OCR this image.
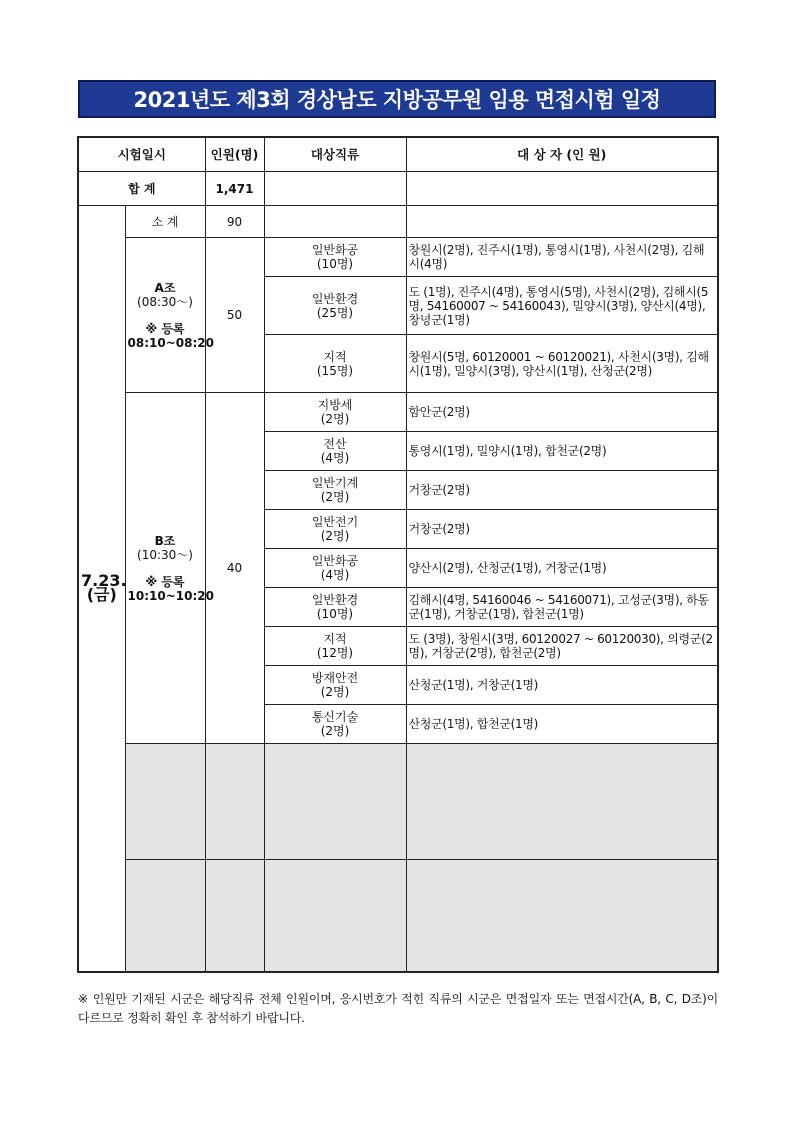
2021년도 제3회 경상남도 지방공무원 임용 면접시험 일정
시험일시		인원(명)	대상직류	대 상 자 (인 원)
합 계		1,471		
7.23.
(금)	소 계	90		
	A조
(08:30～)
※ 등록
08:10~08:20	50	일반화공
(10명)	창원시(2명), 진주시(1명), 통영시(1명), 사천시(2명), 김해시(4명)
			일반환경
(25명)	도 (1명), 진주시(4명), 통영시(5명), 사천시(2명), 김해시(5명, 54160007 ~ 54160043), 밀양시(3명), 양산시(4명), 창녕군(1명)
			지적
(15명)	창원시(5명, 60120001 ~ 60120021), 사천시(3명), 김해시(1명), 밀양시(3명), 양산시(1명), 산청군(2명)
	B조
(10:30～)
※ 등록
10:10~10:20	40	지방세
(2명)	함안군(2명)
			전산
(4명)	통영시(1명), 밀양시(1명), 합천군(2명)
			일반기계
(2명)	거창군(2명)
			일반전기
(2명)	거창군(2명)
			일반화공
(4명)	양산시(2명), 산청군(1명), 거창군(1명)
			일반환경
(10명)	김해시(4명, 54160046 ~ 54160071), 고성군(3명), 하동군(1명), 거창군(1명), 합천군(1명)
			지적
(12명)	도 (3명), 창원시(3명, 60120027 ~ 60120030), 의령군(2명), 거창군(2명), 합천군(2명)
			방재안전
(2명)	산청군(1명), 거창군(1명)
			통신기술
(2명)	산청군(1명), 합천군(1명)

※ 인원만 기재된 시군은 해당직류 전체 인원이며, 응시번호가 적힌 직류의 시군은 면접일자 또는 면접시간(A, B, C, D조)이 다르므로 정확히 확인 후 참석하기 바랍니다.
